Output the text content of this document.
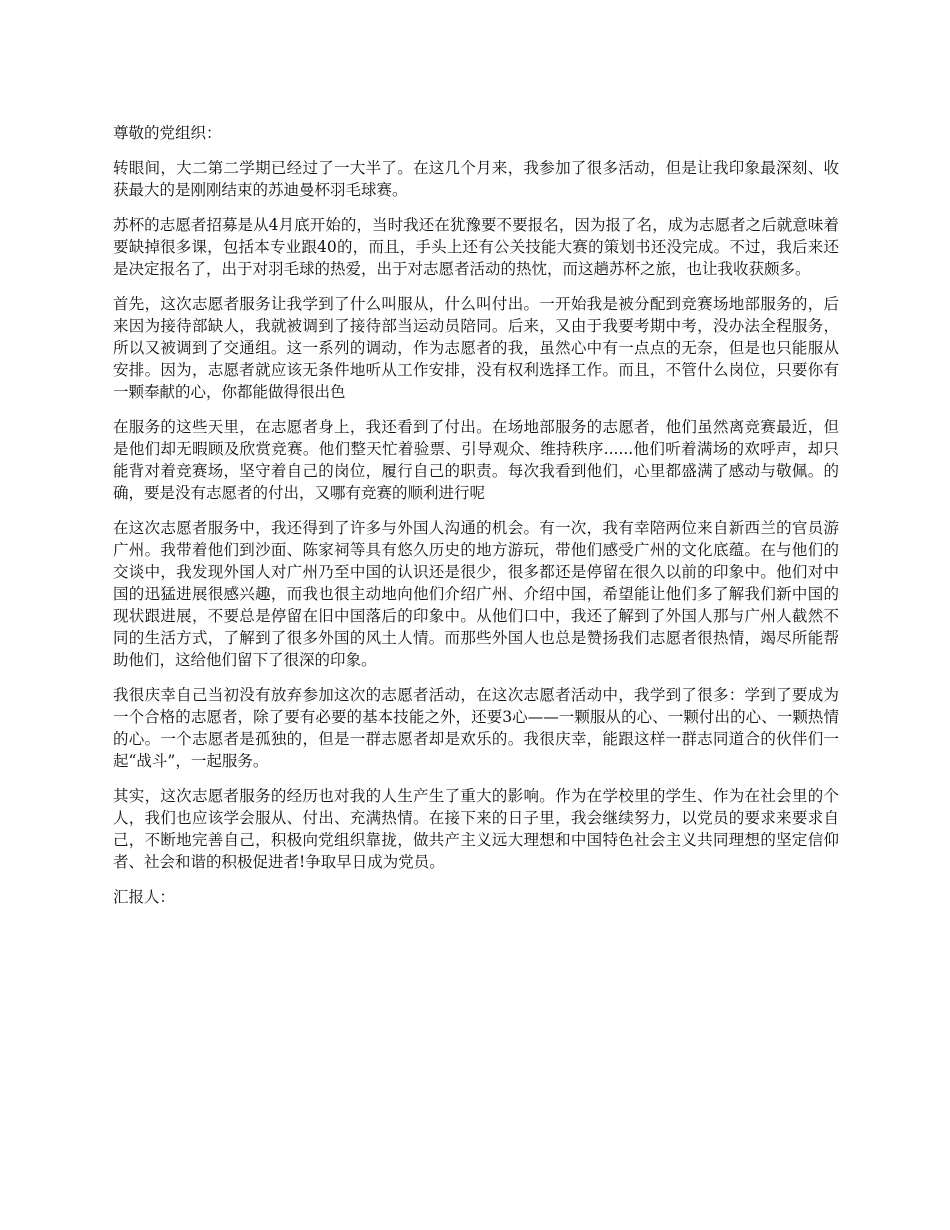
尊敬的党组织：

转眼间，大二第二学期已经过了一大半了。在这几个月来，我参加了很多活动，但是让我印象最深刻、收获最大的是刚刚结束的苏迪曼杯羽毛球赛。

苏杯的志愿者招募是从4月底开始的，当时我还在犹豫要不要报名，因为报了名，成为志愿者之后就意味着要缺掉很多课，包括本专业跟40的，而且，手头上还有公关技能大赛的策划书还没完成。不过，我后来还是决定报名了，出于对羽毛球的热爱，出于对志愿者活动的热忱，而这趟苏杯之旅，也让我收获颇多。

首先，这次志愿者服务让我学到了什么叫服从，什么叫付出。一开始我是被分配到竞赛场地部服务的，后来因为接待部缺人，我就被调到了接待部当运动员陪同。后来，又由于我要考期中考，没办法全程服务，所以又被调到了交通组。这一系列的调动，作为志愿者的我，虽然心中有一点点的无奈，但是也只能服从安排。因为，志愿者就应该无条件地听从工作安排，没有权利选择工作。而且，不管什么岗位，只要你有一颗奉献的心，你都能做得很出色

在服务的这些天里，在志愿者身上，我还看到了付出。在场地部服务的志愿者，他们虽然离竞赛最近，但是他们却无暇顾及欣赏竞赛。他们整天忙着验票、引导观众、维持秩序......他们听着满场的欢呼声，却只能背对着竞赛场，坚守着自己的岗位，履行自己的职责。每次我看到他们，心里都盛满了感动与敬佩。的确，要是没有志愿者的付出，又哪有竞赛的顺利进行呢

在这次志愿者服务中，我还得到了许多与外国人沟通的机会。有一次，我有幸陪两位来自新西兰的官员游广州。我带着他们到沙面、陈家祠等具有悠久历史的地方游玩，带他们感受广州的文化底蕴。在与他们的交谈中，我发现外国人对广州乃至中国的认识还是很少，很多都还是停留在很久以前的印象中。他们对中国的迅猛进展很感兴趣，而我也很主动地向他们介绍广州、介绍中国，希望能让他们多了解我们新中国的现状跟进展，不要总是停留在旧中国落后的印象中。从他们口中，我还了解到了外国人那与广州人截然不同的生活方式，了解到了很多外国的风土人情。而那些外国人也总是赞扬我们志愿者很热情，竭尽所能帮助他们，这给他们留下了很深的印象。

我很庆幸自己当初没有放弃参加这次的志愿者活动，在这次志愿者活动中，我学到了很多：学到了要成为一个合格的志愿者，除了要有必要的基本技能之外，还要3心——一颗服从的心、一颗付出的心、一颗热情的心。一个志愿者是孤独的，但是一群志愿者却是欢乐的。我很庆幸，能跟这样一群志同道合的伙伴们一起“战斗”，一起服务。

其实，这次志愿者服务的经历也对我的人生产生了重大的影响。作为在学校里的学生、作为在社会里的个人，我们也应该学会服从、付出、充满热情。在接下来的日子里，我会继续努力，以党员的要求来要求自己，不断地完善自己，积极向党组织靠拢，做共产主义远大理想和中国特色社会主义共同理想的坚定信仰者、社会和谐的积极促进者!争取早日成为党员。

汇报人：
